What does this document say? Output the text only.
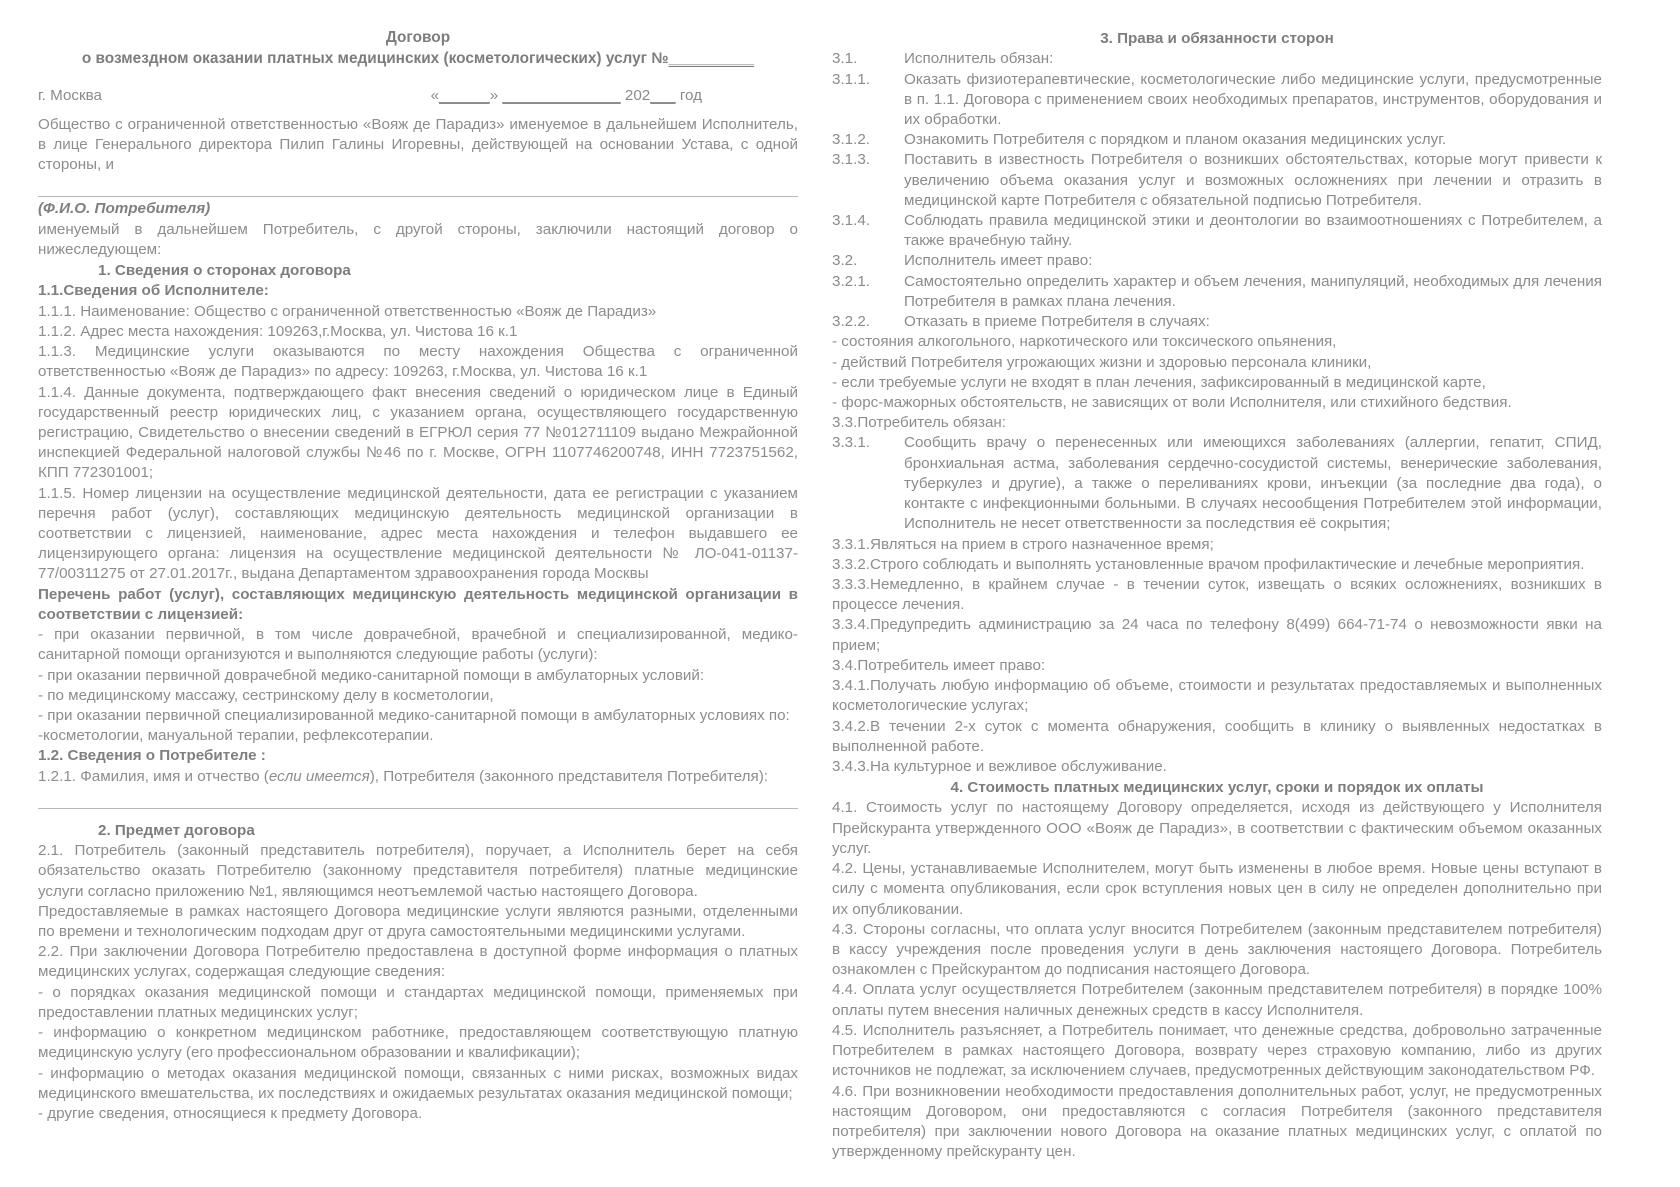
Договор
о возмездном оказании платных медицинских (косметологических) услуг №__________
г. Москва	«______» ______________ 202___ год

Общество с ограниченной ответственностью «Вояж де Парадиз» именуемое в дальнейшем Исполнитель, в лице Генерального директора Пилип Галины Игоревны, действующей на основании Устава, с одной стороны, и

(Ф.И.О. Потребителя)

именуемый в дальнейшем Потребитель, с другой стороны, заключили настоящий договор о нижеследующем:

1. Сведения о сторонах договора

1.1.Сведения об Исполнителе:

1.1.1. Наименование: Общество с ограниченной ответственностью «Вояж де Парадиз»

1.1.2. Адрес места нахождения: 109263,г.Москва, ул. Чистова 16 к.1

1.1.3. Медицинские услуги оказываются по месту нахождения Общества с ограниченной ответственностью «Вояж де Парадиз» по адресу: 109263, г.Москва, ул. Чистова 16 к.1

1.1.4. Данные документа, подтверждающего факт внесения сведений о юридическом лице в Единый государственный реестр юридических лиц, с указанием органа, осуществляющего государственную регистрацию, Свидетельство о внесении сведений в ЕГРЮЛ серия 77 №012711109 выдано Межрайонной инспекцией Федеральной налоговой службы №46 по г. Москве, ОГРН 1107746200748, ИНН 7723751562, КПП 772301001;

1.1.5. Номер лицензии на осуществление медицинской деятельности, дата ее регистрации с указанием перечня работ (услуг), составляющих медицинскую деятельность медицинской организации в соответствии с лицензией, наименование, адрес места нахождения и телефон выдавшего ее лицензирующего органа: лицензия на осуществление медицинской деятельности № ЛО-041-01137-77/00311275 от 27.01.2017г., выдана Департаментом здравоохранения города Москвы

Перечень работ (услуг), составляющих медицинскую деятельность медицинской организации в соответствии с лицензией:

- при оказании первичной, в том числе доврачебной, врачебной и специализированной, медико-санитарной помощи организуются и выполняются следующие работы (услуги):

- при оказании первичной доврачебной медико-санитарной помощи в амбулаторных условий:

- по медицинскому массажу, сестринскому делу в косметологии,

- при оказании первичной специализированной медико-санитарной помощи в амбулаторных условиях по:

-косметологии, мануальной терапии, рефлексотерапии.

1.2. Сведения о Потребителе :

1.2.1. Фамилия, имя и отчество (если имеется), Потребителя (законного представителя Потребителя):

2. Предмет договора

2.1. Потребитель (законный представитель потребителя), поручает, а Исполнитель берет на себя обязательство оказать Потребителю (законному представителя потребителя) платные медицинские услуги согласно приложению №1, являющимся неотъемлемой частью настоящего Договора.

Предоставляемые в рамках настоящего Договора медицинские услуги являются разными, отделенными по времени и технологическим подходам друг от друга самостоятельными медицинскими услугами.

2.2. При заключении Договора Потребителю предоставлена в доступной форме информация о платных медицинских услугах, содержащая следующие сведения:

- о порядках оказания медицинской помощи и стандартах медицинской помощи, применяемых при предоставлении платных медицинских услуг;

- информацию о конкретном медицинском работнике, предоставляющем соответствующую платную медицинскую услугу (его профессиональном образовании и квалификации);

- информацию о методах оказания медицинской помощи, связанных с ними рисках, возможных видах медицинского вмешательства, их последствиях и ожидаемых результатах оказания медицинской помощи;

- другие сведения, относящиеся к предмету Договора.

3. Права и обязанности сторон
3.1.	Исполнитель обязан:
3.1.1.	Оказать физиотерапевтические, косметологические либо медицинские услуги, предусмотренные в п. 1.1. Договора с применением своих необходимых препаратов, инструментов, оборудования и их обработки.
3.1.2.	Ознакомить Потребителя с порядком и планом оказания медицинских услуг.
3.1.3.	Поставить в известность Потребителя о возникших обстоятельствах, которые могут привести к увеличению объема оказания услуг и возможных осложнениях при лечении и отразить в медицинской карте Потребителя с обязательной подписью Потребителя.
3.1.4.	Соблюдать правила медицинской этики и деонтологии во взаимоотношениях с Потребителем, а также врачебную тайну.
3.2.	Исполнитель имеет право:
3.2.1.	Самостоятельно определить характер и объем лечения, манипуляций, необходимых для лечения Потребителя в рамках плана лечения.
3.2.2.	Отказать в приеме Потребителя в случаях:

- состояния алкогольного, наркотического или токсического опьянения,

- действий Потребителя угрожающих жизни и здоровью персонала клиники,

- если требуемые услуги не входят в план лечения, зафиксированный в медицинской карте,

- форс-мажорных обстоятельств, не зависящих от воли Исполнителя, или стихийного бедствия.

3.3.Потребитель обязан:

3.3.1.	Сообщить врачу о перенесенных или имеющихся заболеваниях (аллергии, гепатит, СПИД, бронхиальная астма, заболевания сердечно-сосудистой системы, венерические заболевания, туберкулез и другие), а также о переливаниях крови, инъекции (за последние два года), о контакте с инфекционными больными. В случаях несообщения Потребителем этой информации, Исполнитель не несет ответственности за последствия её сокрытия;

3.3.1.Являться на прием в строго назначенное время;

3.3.2.Строго соблюдать и выполнять установленные врачом профилактические и лечебные мероприятия.

3.3.3.Немедленно, в крайнем случае - в течении суток, извещать о всяких осложнениях, возникших в процессе лечения.

3.3.4.Предупредить администрацию за 24 часа по телефону 8(499) 664-71-74 о невозможности явки на прием;

3.4.Потребитель имеет право:

3.4.1.Получать любую информацию об объеме, стоимости и результатах предоставляемых и выполненных косметологические услугах;

3.4.2.В течении 2-х суток с момента обнаружения, сообщить в клинику о выявленных недостатках в выполненной работе.

3.4.3.На культурное и вежливое обслуживание.

4. Стоимость платных медицинских услуг, сроки и порядок их оплаты

4.1. Стоимость услуг по настоящему Договору определяется, исходя из действующего у Исполнителя Прейскуранта утвержденного ООО «Вояж де Парадиз», в соответствии с фактическим объемом оказанных услуг.

4.2. Цены, устанавливаемые Исполнителем, могут быть изменены в любое время. Новые цены вступают в силу с момента опубликования, если срок вступления новых цен в силу не определен дополнительно при их опубликовании.

4.3. Стороны согласны, что оплата услуг вносится Потребителем (законным представителем потребителя) в кассу учреждения после проведения услуги в день заключения настоящего Договора. Потребитель ознакомлен с Прейскурантом до подписания настоящего Договора.

4.4. Оплата услуг осуществляется Потребителем (законным представителем потребителя) в порядке 100% оплаты путем внесения наличных денежных средств в кассу Исполнителя.

4.5. Исполнитель разъясняет, а Потребитель понимает, что денежные средства, добровольно затраченные Потребителем в рамках настоящего Договора, возврату через страховую компанию, либо из других источников не подлежат, за исключением случаев, предусмотренных действующим законодательством РФ.

4.6. При возникновении необходимости предоставления дополнительных работ, услуг, не предусмотренных настоящим Договором, они предоставляются с согласия Потребителя (законного представителя потребителя) при заключении нового Договора на оказание платных медицинских услуг, с оплатой по утвержденному прейскуранту цен.
